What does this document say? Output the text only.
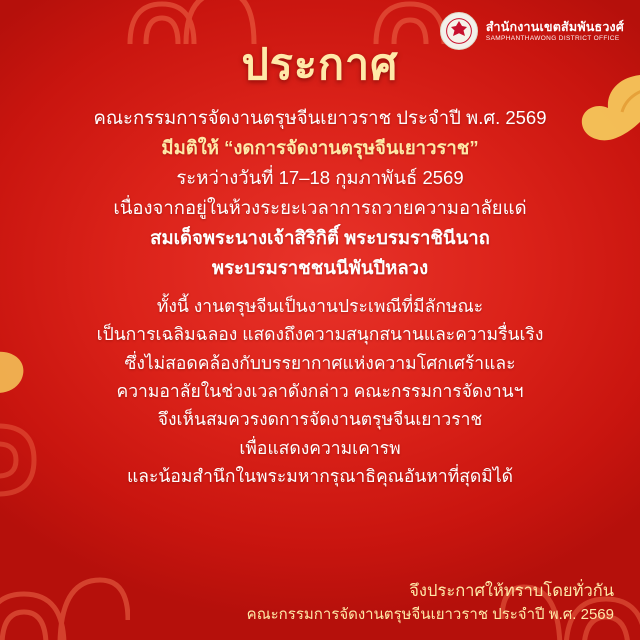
สำนักงานเขตสัมพันธวงศ์
SAMPHANTHAWONG DISTRICT OFFICE
ประกาศ

คณะกรรมการจัดงานตรุษจีนเยาวราช ประจำปี พ.ศ. 2569

มีมติให้ “งดการจัดงานตรุษจีนเยาวราช”

ระหว่างวันที่ 17–18 กุมภาพันธ์ 2569

เนื่องจากอยู่ในห้วงระยะเวลาการถวายความอาลัยแด่

สมเด็จพระนางเจ้าสิริกิติ์ พระบรมราชินีนาถ

พระบรมราชชนนีพันปีหลวง

ทั้งนี้ งานตรุษจีนเป็นงานประเพณีที่มีลักษณะ

เป็นการเฉลิมฉลอง แสดงถึงความสนุกสนานและความรื่นเริง

ซึ่งไม่สอดคล้องกับบรรยากาศแห่งความโศกเศร้าและ

ความอาลัยในช่วงเวลาดังกล่าว คณะกรรมการจัดงานฯ

จึงเห็นสมควรงดการจัดงานตรุษจีนเยาวราช

เพื่อแสดงความเคารพ

และน้อมสำนึกในพระมหากรุณาธิคุณอันหาที่สุดมิได้

จึงประกาศให้ทราบโดยทั่วกัน
คณะกรรมการจัดงานตรุษจีนเยาวราช ประจำปี พ.ศ. 2569
